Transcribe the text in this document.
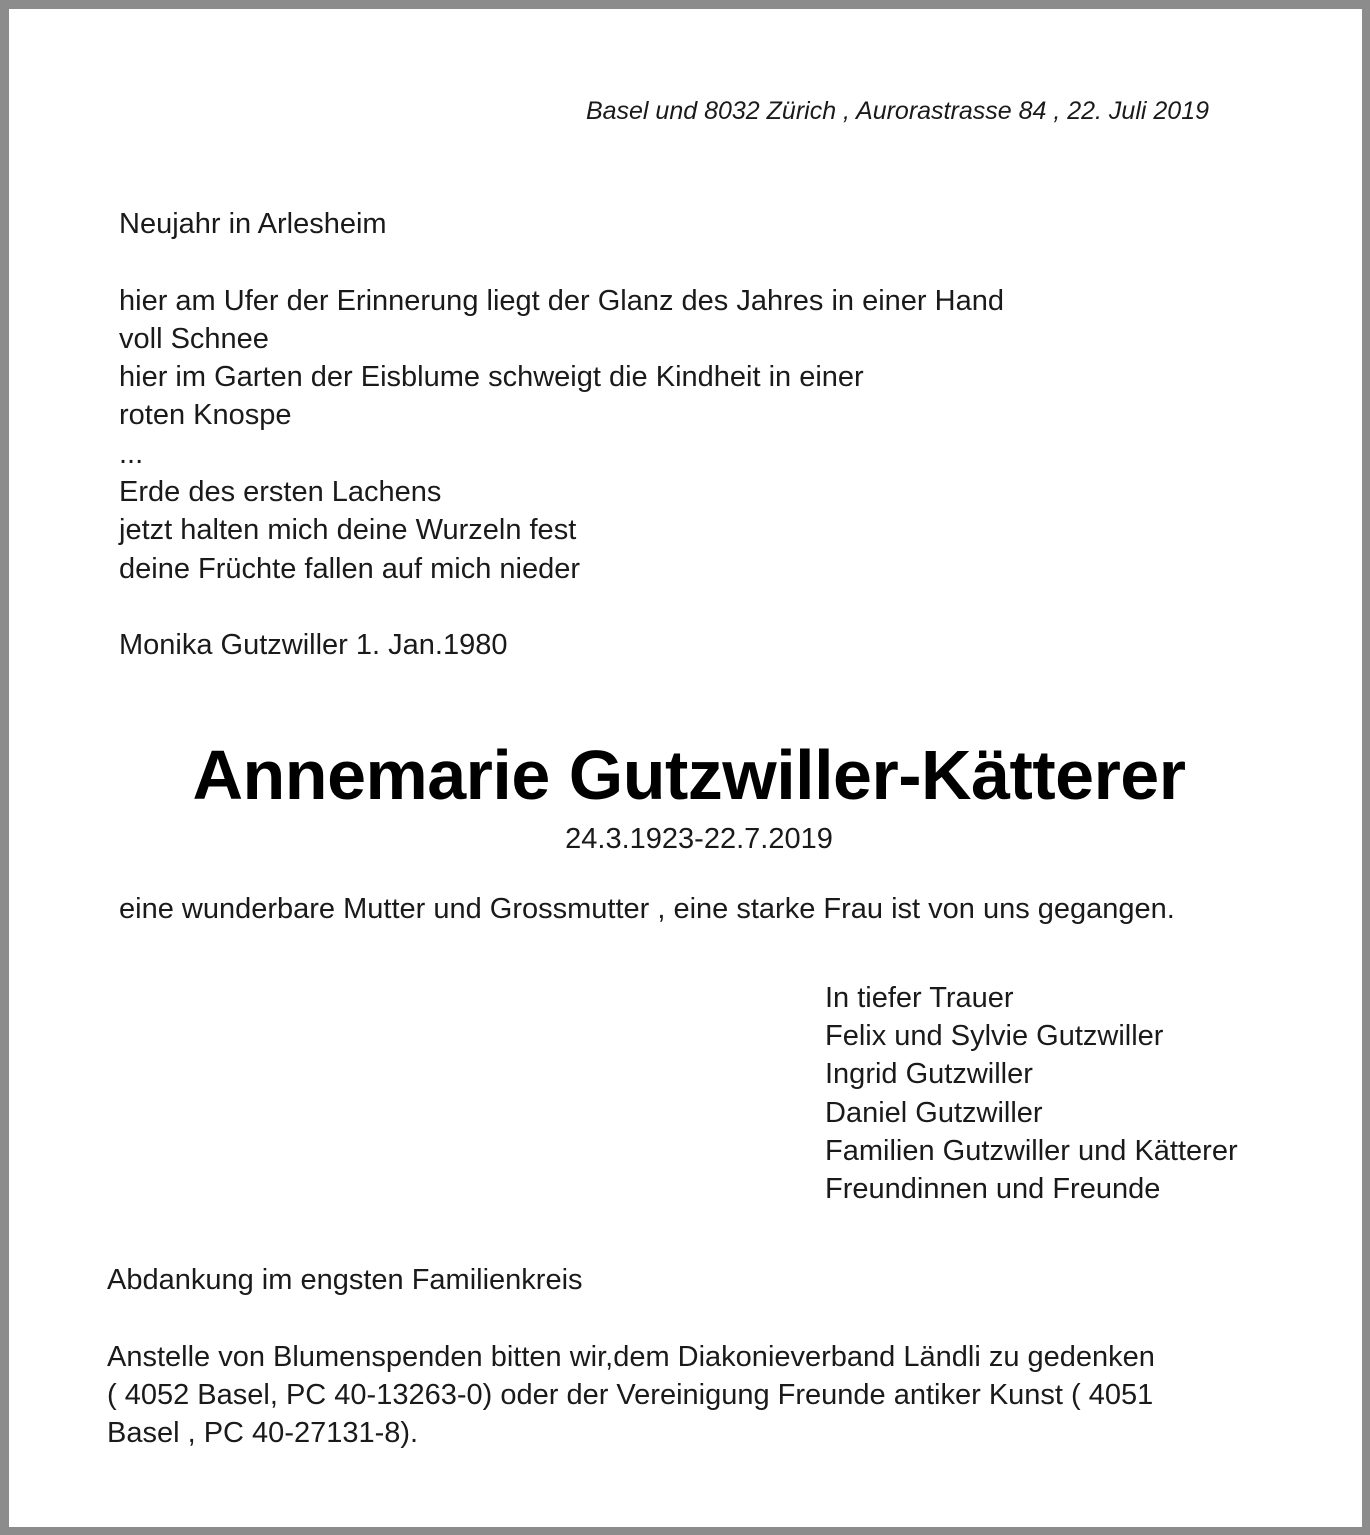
Basel und 8032 Zürich , Aurorastrasse 84 , 22. Juli 2019
Neujahr in Arlesheim
hier am Ufer der Erinnerung liegt der Glanz des Jahres in einer Hand
voll Schnee
hier im Garten der Eisblume schweigt die Kindheit in einer
roten Knospe
...
Erde des ersten Lachens
jetzt halten mich deine Wurzeln fest
deine Früchte fallen auf mich nieder
Monika Gutzwiller 1. Jan.1980
Annemarie Gutzwiller-Kätterer
24.3.1923-22.7.2019
eine wunderbare Mutter und Grossmutter , eine starke Frau ist von uns gegangen.
In tiefer Trauer
Felix und Sylvie Gutzwiller
Ingrid Gutzwiller
Daniel Gutzwiller
Familien Gutzwiller und Kätterer
Freundinnen und Freunde
Abdankung im engsten Familienkreis
Anstelle von Blumenspenden bitten wir,dem Diakonieverband Ländli zu gedenken
( 4052 Basel, PC 40-13263-0) oder der Vereinigung Freunde antiker Kunst ( 4051
Basel , PC 40-27131-8).
